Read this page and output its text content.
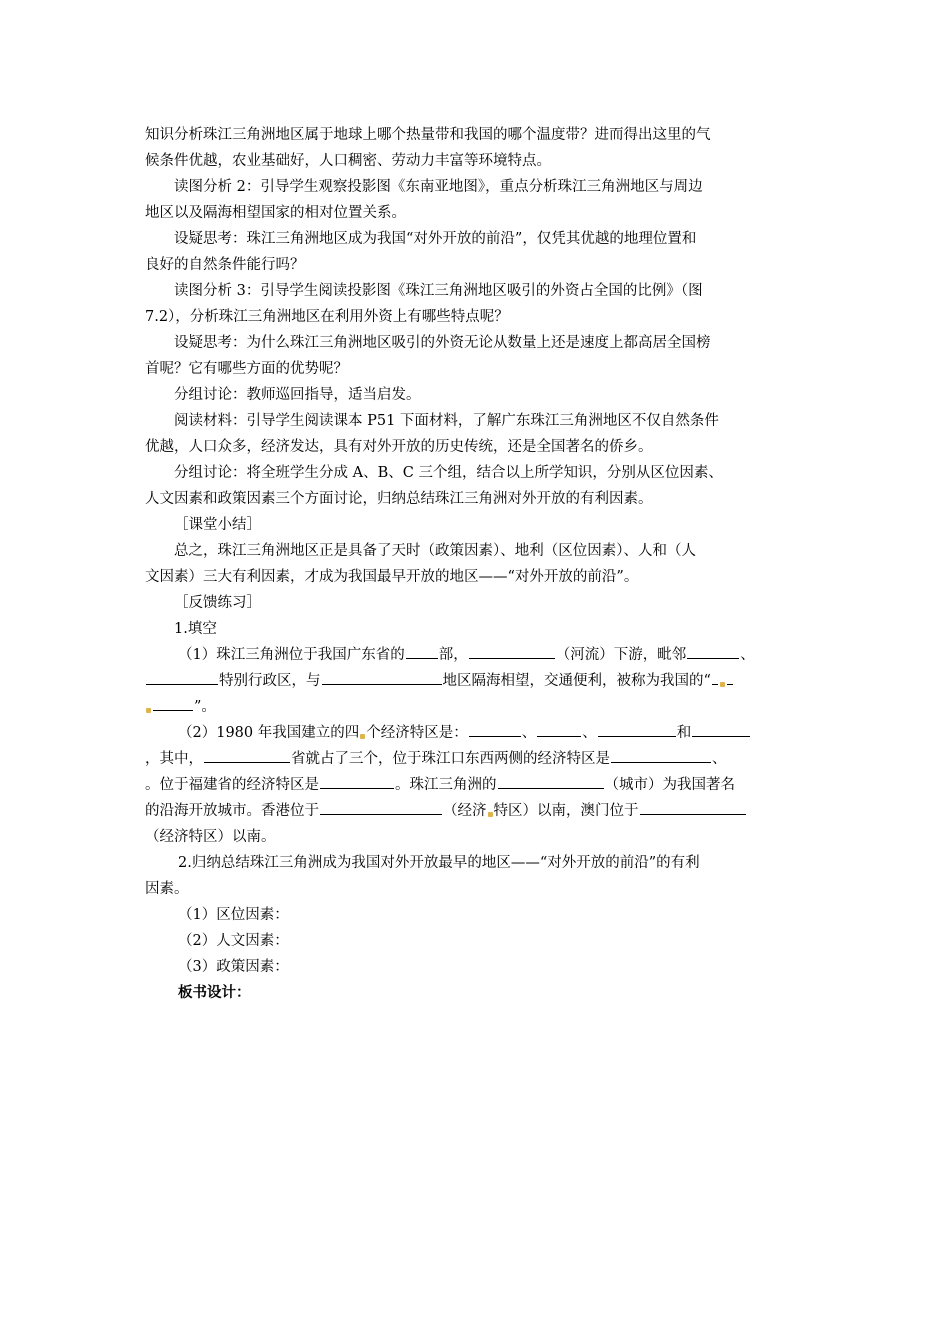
知识分析珠江三角洲地区属于地球上哪个热量带和我国的哪个温度带？进而得出这里的气
候条件优越，农业基础好，人口稠密、劳动力丰富等环境特点。
读图分析 2：引导学生观察投影图《东南亚地图》，重点分析珠江三角洲地区与周边
地区以及隔海相望国家的相对位置关系。
设疑思考：珠江三角洲地区成为我国“对外开放的前沿”，仅凭其优越的地理位置和
良好的自然条件能行吗？
读图分析 3：引导学生阅读投影图《珠江三角洲地区吸引的外资占全国的比例》（图
7.2），分析珠江三角洲地区在利用外资上有哪些特点呢？
设疑思考：为什么珠江三角洲地区吸引的外资无论从数量上还是速度上都高居全国榜
首呢？它有哪些方面的优势呢？
分组讨论：教师巡回指导，适当启发。
阅读材料：引导学生阅读课本 P51 下面材料，了解广东珠江三角洲地区不仅自然条件
优越，人口众多，经济发达，具有对外开放的历史传统，还是全国著名的侨乡。
分组讨论：将全班学生分成 A、B、C 三个组，结合以上所学知识，分别从区位因素、
人文因素和政策因素三个方面讨论，归纳总结珠江三角洲对外开放的有利因素。
［课堂小结］
总之，珠江三角洲地区正是具备了天时（政策因素）、地利（区位因素）、人和（人
文因素）三大有利因素，才成为我国最早开放的地区——“对外开放的前沿”。
［反馈练习］
1.填空
（1）珠江三角洲位于我国广东省的 部，	（河流）下游，毗邻	、
特别行政区，与	地区隔海相望，交通便利，被称为我国的“
”。
（2）1980 年我国建立的四 个经济特区是：	、	、	和
，其中，	省就占了三个，位于珠江口东西两侧的经济特区是	、
。位于福建省的经济特区是	。珠江三角洲的	（城市）为我国著名
的沿海开放城市。香港位于	（经济 特区）以南，澳门位于
（经济特区）以南。
2.归纳总结珠江三角洲成为我国对外开放最早的地区——“对外开放的前沿”的有利
因素。
（1）区位因素：
（2）人文因素：
（3）政策因素：
板书设计：
